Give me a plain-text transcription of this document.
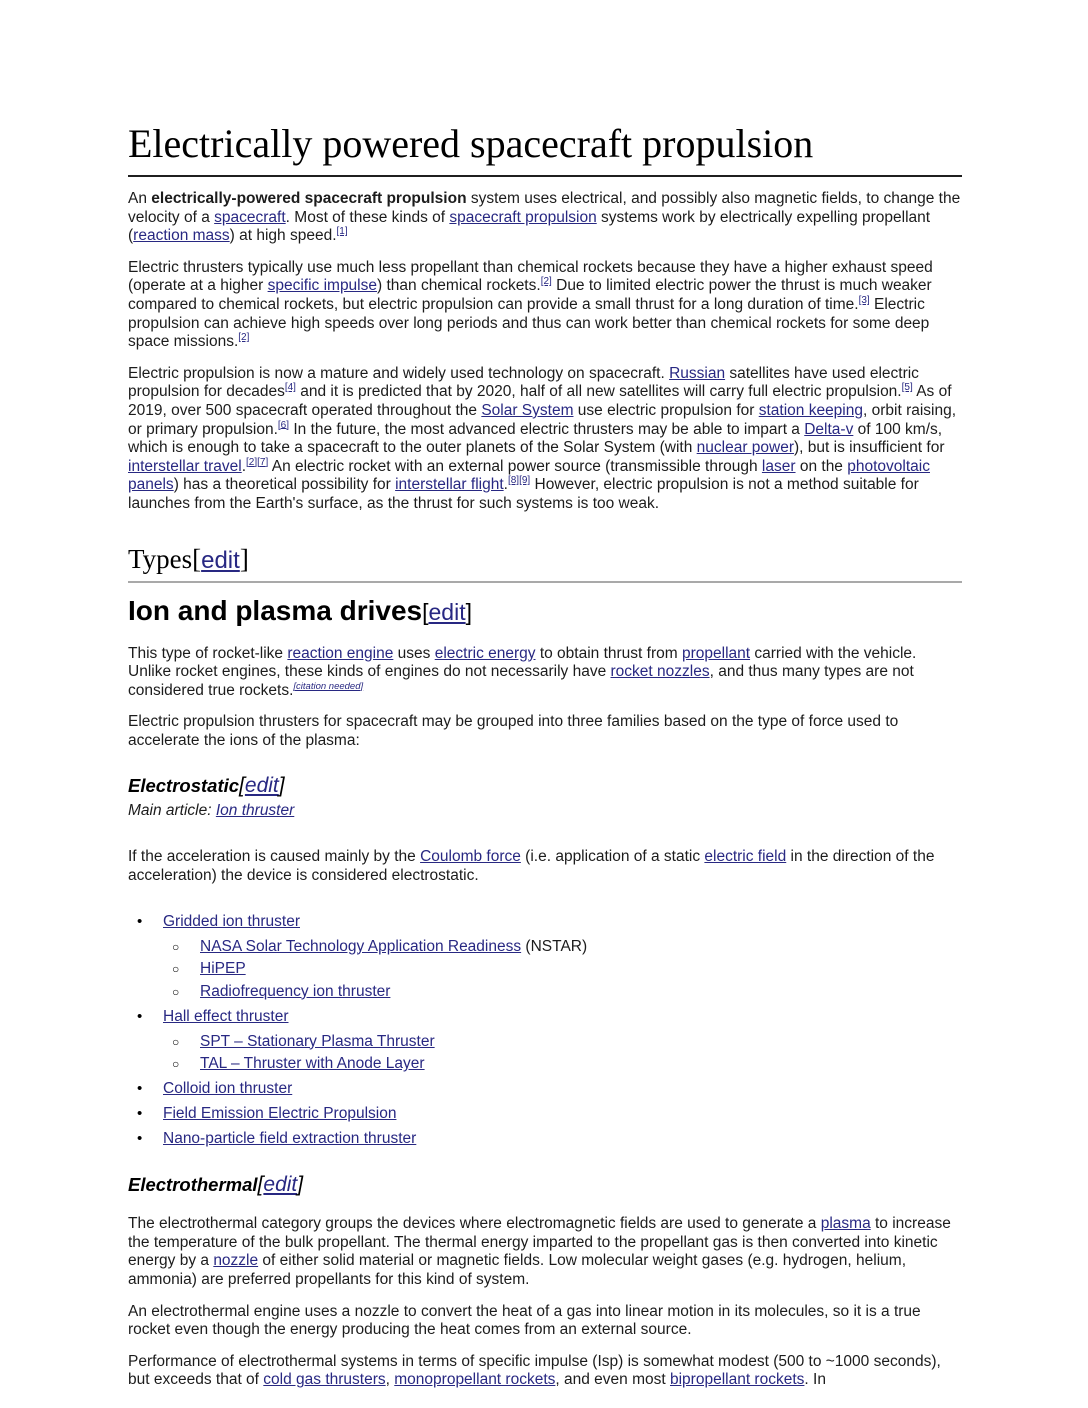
Electrically powered spacecraft propulsion

An electrically-powered spacecraft propulsion system uses electrical, and possibly also magnetic fields, to change the velocity of a spacecraft. Most of these kinds of spacecraft propulsion systems work by electrically expelling propellant (reaction mass) at high speed.[1]

Electric thrusters typically use much less propellant than chemical rockets because they have a higher exhaust speed (operate at a higher specific impulse) than chemical rockets.[2] Due to limited electric power the thrust is much weaker compared to chemical rockets, but electric propulsion can provide a small thrust for a long duration of time.[3] Electric propulsion can achieve high speeds over long periods and thus can work better than chemical rockets for some deep space missions.[2]

Electric propulsion is now a mature and widely used technology on spacecraft. Russian satellites have used electric propulsion for decades[4] and it is predicted that by 2020, half of all new satellites will carry full electric propulsion.[5] As of 2019, over 500 spacecraft operated throughout the Solar System use electric propulsion for station keeping, orbit raising, or primary propulsion.[6] In the future, the most advanced electric thrusters may be able to impart a Delta-v of 100 km/s, which is enough to take a spacecraft to the outer planets of the Solar System (with nuclear power), but is insufficient for interstellar travel.[2][7] An electric rocket with an external power source (transmissible through laser on the photovoltaic panels) has a theoretical possibility for interstellar flight.[8][9] However, electric propulsion is not a method suitable for launches from the Earth's surface, as the thrust for such systems is too weak.

Types[edit]
Ion and plasma drives[edit]

This type of rocket-like reaction engine uses electric energy to obtain thrust from propellant carried with the vehicle. Unlike rocket engines, these kinds of engines do not necessarily have rocket nozzles, and thus many types are not considered true rockets.[citation needed]

Electric propulsion thrusters for spacecraft may be grouped into three families based on the type of force used to accelerate the ions of the plasma:

Electrostatic[edit]

Main article: Ion thruster

If the acceleration is caused mainly by the Coulomb force (i.e. application of a static electric field in the direction of the acceleration) the device is considered electrostatic.

•	Gridded ion thruster
○	NASA Solar Technology Application Readiness (NSTAR)
○	HiPEP
○	Radiofrequency ion thruster
•	Hall effect thruster
○	SPT – Stationary Plasma Thruster
○	TAL – Thruster with Anode Layer
•	Colloid ion thruster
•	Field Emission Electric Propulsion
•	Nano-particle field extraction thruster
Electrothermal[edit]

The electrothermal category groups the devices where electromagnetic fields are used to generate a plasma to increase the temperature of the bulk propellant. The thermal energy imparted to the propellant gas is then converted into kinetic energy by a nozzle of either solid material or magnetic fields. Low molecular weight gases (e.g. hydrogen, helium, ammonia) are preferred propellants for this kind of system.

An electrothermal engine uses a nozzle to convert the heat of a gas into linear motion in its molecules, so it is a true rocket even though the energy producing the heat comes from an external source.

Performance of electrothermal systems in terms of specific impulse (Isp) is somewhat modest (500 to ~1000 seconds), but exceeds that of cold gas thrusters, monopropellant rockets, and even most bipropellant rockets. In
